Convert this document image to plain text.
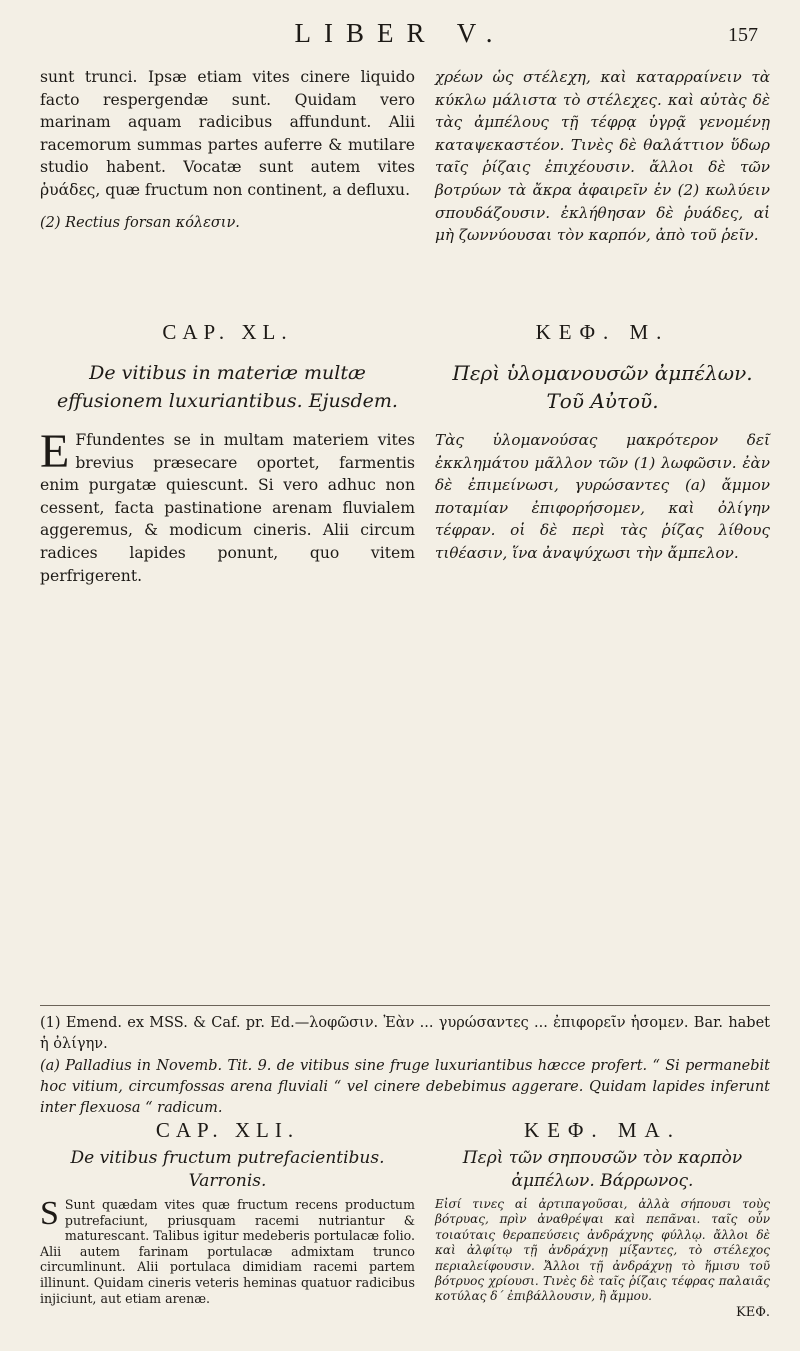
LIBER V.	157

sunt trunci. Ipsæ etiam vites cinere liquido facto respergendæ sunt. Quidam vero marinam aquam radicibus affundunt. Alii racemorum summas partes auferre & mutilare studio habent. Vocatæ sunt autem vites ῥυάδες, quæ fructum non continent, a defluxu.

(2) Rectius forsan κόλεσιν.

χρέων ὡς στέλεχη, καὶ καταρραίνειν τὰ κύκλω μάλιστα τὸ στέλεχες. καὶ αὐτὰς δὲ τὰς ἀμπέλους τῇ τέφρᾳ ὑγρᾷ γενομένῃ καταψεκαστέον. Τινὲς δὲ θαλάττιον ὕδωρ ταῖς ῥίζαις ἐπιχέουσιν. ἄλλοι δὲ τῶν βοτρύων τὰ ἄκρα ἀφαιρεῖν ἐν (2) κωλύειν σπουδάζουσιν. ἐκλήθησαν δὲ ῥυάδες, αἱ μὴ ζωννύουσαι τὸν καρπόν, ἀπὸ τοῦ ῥεῖν.

CAP. XL.

De vitibus in materiæ multæ effusionem luxuriantibus. Ejusdem.

E Ffundentes se in multam materiem vites brevius præsecare oportet, farmentis enim purgatæ quiescunt. Si vero adhuc non cessent, facta pastinatione arenam fluvialem aggeremus, & modicum cineris. Alii circum radices lapides ponunt, quo vitem perfrigerent.

ΚΕΦ. Μ.

Περὶ ὑλομανουσῶν ἀμπέλων. Τοῦ Αὐτοῦ.

Τὰς ὑλομανούσας μακρότερον δεῖ ἐκκλημάτου μᾶλλον τῶν (1) λωφῶσιν. ἐὰν δὲ ἐπιμείνωσι, γυρώσαντες (a) ἄμμον ποταμίαν ἐπιφορήσομεν, καὶ ὀλίγην τέφραν. οἱ δὲ περὶ τὰς ῥίζας λίθους τιθέασιν, ἵνα ἀναψύχωσι τὴν ἄμπελον.

(1) Emend. ex MSS. & Caf. pr. Ed.—λοφῶσιν. Ἐὰν ... γυρώσαντες ... ἐπιφορεῖν ἡσομεν. Bar. habet ἡ ὀλίγην.

(a) Palladius in Novemb. Tit. 9. de vitibus sine fruge luxuriantibus hæcce profert. “ Si permanebit hoc vitium, circumfossas arena fluviali “ vel cinere debebimus aggerare. Quidam lapides inferunt inter flexuosa “ radicum.

CAP. XLI.

De vitibus fructum putrefacientibus. Varronis.

S Sunt quædam vites quæ fructum recens productum putrefaciunt, priusquam racemi nutriantur & maturescant. Talibus igitur medeberis portulacæ folio. Alii autem farinam portulacæ admixtam trunco circumlinunt. Alii portulaca dimidiam racemi partem illinunt. Quidam cineris veteris heminas quatuor radicibus injiciunt, aut etiam arenæ.

ΚΕΦ. ΜΑ.

Περὶ τῶν σηπουσῶν τὸν καρπὸν ἀμπέλων. Βάρρωνος.

Εἰσί τινες αἱ ἀρτιπαγοῦσαι, ἀλλὰ σήπουσι τοὺς βότρυας, πρὶν ἀναθρέψαι καὶ πεπᾶναι. ταῖς οὖν τοιαύταις θεραπεύσεις ἀνδράχνης φύλλῳ. ἄλλοι δὲ καὶ ἀλφίτῳ τῇ ἀνδράχνῃ μίξαντες, τὸ στέλεχος περιαλείφουσιν. Ἄλλοι τῇ ἀνδράχνῃ τὸ ἥμισυ τοῦ βότρυος χρίουσι. Τινὲς δὲ ταῖς ῥίζαις τέφρας παλαιᾶς κοτύλας δ΄ ἐπιβάλλουσιν, ἢ ἄμμου.

ΚΕΦ.
